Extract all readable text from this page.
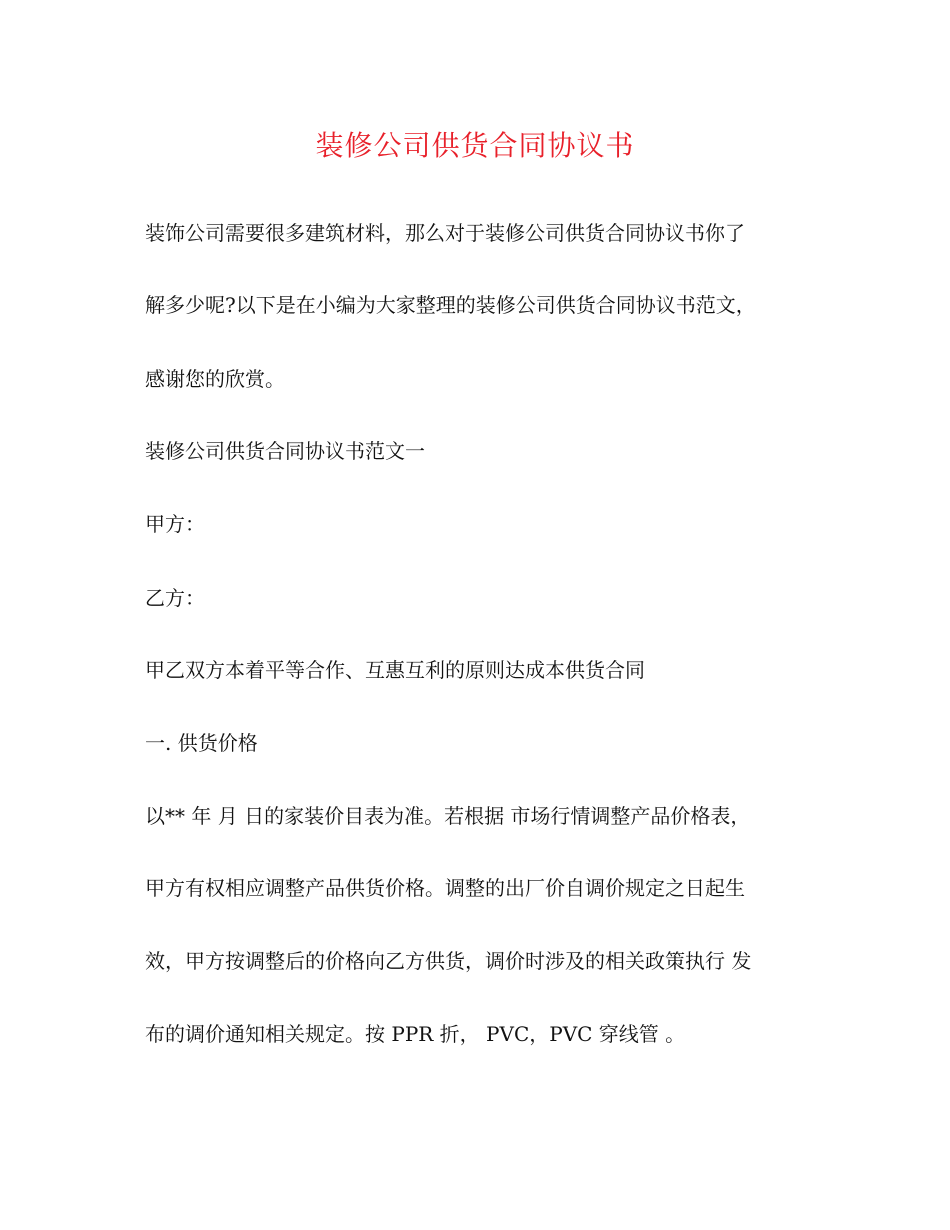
装修公司供货合同协议书
装饰公司需要很多建筑材料，那么对于装修公司供货合同协议书你了
解多少呢?以下是在小编为大家整理的装修公司供货合同协议书范文，
感谢您的欣赏。
装修公司供货合同协议书范文一
甲方：
乙方：
甲乙双方本着平等合作、互惠互利的原则达成本供货合同
一. 供货价格
以** 年 月 日的家装价目表为准。若根据 市场行情调整产品价格表，
甲方有权相应调整产品供货价格。调整的出厂价自调价规定之日起生
效，甲方按调整后的价格向乙方供货，调价时涉及的相关政策执行 发
布的调价通知相关规定。按 PPR 折， PVC，PVC 穿线管 。
